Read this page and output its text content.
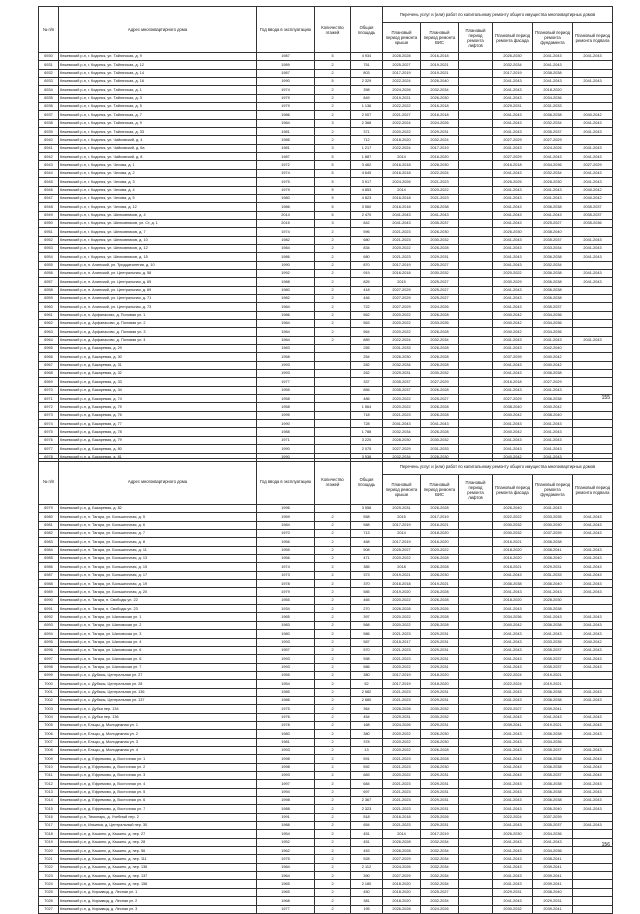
№ п/п	Адрес многоквартирного дома	Год ввода в эксплуатацию	Количество этажей	Общая площадь	Перечень услуг и (или) работ по капитальному ремонту общего имущества многоквартирных домов					
					Плановый период ремонта крыши	Плановый период ремонта ВИС	Плановый период ремонта лифтов	Плановый период ремонта фасада	Плановый период ремонта фундамента	Плановый период ремонта подвала
6930	Кежемский р-н, г. Кодинск, ул. Тайгинская, д. 9	1987	5	4 934	2028-2028	2016-2018		2026-2030	2041-2043	2041-2043
6931	Кежемский р-н, г. Кодинск, ул. Тайгинская, д. 12	1989	2	751	2025-2027	2019-2021		2032-2034	2041-2043	
6932	Кежемский р-н, г. Кодинск, ул. Тайгинская, д. 14	1987	2	803	2017-2019	2019-2021		2017-2019	2038-2038	
6933	Кежемский р-н, г. Кодинск, ул. Тайгинская, д. 16	1990	5	2 329	2022-2024	2026-2040		2041-2043	2041-2043	2041-2043
6934	Кежемский р-н, г. Кодинск, ул. Тайгинская, д. 1	1974	2	398	2024-2026	2032-2034		2041-2043	2018-2020	
6935	Кежемский р-н, г. Кодинск, ул. Тайгинская, д. 3	1979	2	849	2019-2021	2026-2030		2041-2043	2034-2036	
6936	Кежемский р-н, г. Кодинск, ул. Тайгинская, д. 5	1979	2	1 136	2022-2022	2016-2018		2029-2031	2031-2033	
6937	Кежемский р-н, г. Кодинск, ул. Тайгинская, д. 7	1986	2	2 007	2021-2027	2016-2018		2041-2043	2036-2038	2040-2042
6938	Кежемский р-н, г. Кодинск, ул. Тайгинская, д. 9	1984	3	2 368	2022-2024	2024-2026		2041-2043	2032-2034	2041-2043
6939	Кежемский р-н, г. Кодинск, ул. Тайгинская, д. 33	1981	2	371	2020-2022	2029-2031		2041-2043	2035-2037	2041-2043
6940	Кежемский р-н, г. Кодинск, ул. Чайковский, д. 4	1986	2	712	2018-2020	2032-2024		2027-2029	2027-2029	
6941	Кежемский р-н, г. Кодинск, ул. Чайковский, д. 6a	1981	3	1 217	2022-2024	2017-2019		2041-2043	2024-2026	2041-2043
6942	Кежемский р-н, г. Кодинск, ул. Чайковский, д. 8	1987	5	1 887	2014	2016-2020		2027-2029	2041-2043	2041-2043
6943	Кежемский р-н, г. Кодинск, ул. Чехова, д. 1	1972	5	3 462	2016-2018	2028-2030		2016-2018	2034-2036	2027-2029
6944	Кежемский р-н, г. Кодинск, ул. Чехова, д. 2	1974	5	4 649	2016-2018	2022-2024		2041-2043	2032-2034	2041-2043
6945	Кежемский р-н, г. Кодинск, ул. Чехова, д. 3	1975	5	3 517	2024-2026	2021-2023		2026-2025	2028-2030	2041-2043
6946	Кежемский р-н, г. Кодинск, ул. Чехова, д. 4	1979	5	4 853	2014	2020-2022		2041-2043	2041-2043	2040-2042
6947	Кежемский р-н, г. Кодинск, ул. Чехова, д. 5	1980	5	4 823	2016-2018	2021-2023		2041-2043	2041-2043	2040-2042
6948	Кежемский р-н, г. Кодинск, ул. Чехова, д. 12	1986	5	3 560	2016-2018	2028-2038		2041-2043	2036-2038	2035-2037
6949	Кежемский р-н, г. Кодинск, ул. Шелковников, д. 4	2014	5	2 470	2041-2043	2041-2043		2041-2043	2041-2043	2035-2037
6950	Кежемский р-н, г. Кодинск, ул. Шелковников, ул. Ст, д. 1	2015	3	842	2041-2043	2035-2037		2041-2043	2025-2027	2035-2036
6951	Кежемский р-н, г. Кодинск, ул. Шелковников, д. 7	1974	2	596	2021-2023	2026-2030		2026-2030	2038-2040	
6952	Кежемский р-н, г. Кодинск, ул. Шелковников, д. 10	1982	2	680	2021-2023	2030-2032		2041-2043	2035-2037	2041-2043
6953	Кежемский р-н, г. Кодинск, ул. Шелковников, д. 12	1984	2	834	2020-2022	2026-2028		2041-2043	2033-2034	2041-2043
6954	Кежемский р-н, г. Кодинск, ул. Шелковников, д. 15	1986	2	680	2021-2023	2029-2031		2041-2043	2036-2038	2041-2043
6955	Кежемский р-н, п. Алинский, ул. Тридцатилетия, д. 10	1990	2	870	2017-2019	2025-2027		2041-2043	2032-2034	
6956	Кежемский р-н, п. Алинский, ул. Центральная, д. 58	1992	2	919	2016-2018	2030-2032		2020-2022	2036-2038	2041-2043
6957	Кежемский р-н, п. Алинский, ул. Центральная, д. 65	1988	2	825	2015	2025-2027		2030-2029	2036-2038	2041-2043
6958	Кежемский р-н, п. Алинский, ул. Центральная, д. 69	1980	2	418	2027-2029	2025-2027		2041-2043	2036-2038	
6959	Кежемский р-н, п. Алинский, ул. Центральная, д. 71	1982	2	446	2027-2029	2025-2027		2041-2043	2036-2038	
6960	Кежемский р-н, п. Алинский, ул. Центральная, д. 73	1984	2	722	2027-2029	2024-2026		2041-2043	2035-2037	
6961	Кежемский р-н, п. Арфанасово, д. Половая ул. 1	1986	2	562	2020-2022	2026-2028		2040-2042	2034-2036	
6962	Кежемский р-н, д. Арфанасово, д. Половая ул. 2	1984	2	563	2020-2022	2033-2035		2040-2042	2034-2036	
6963	Кежемский р-н, д. Арфанасово, д. Половая ул. 3	1984	2	564	2020-2022	2026-2028		2040-2042	2034-2036	
6964	Кежемский р-н, д. Арфанасово, д. Половая ул. 4	1984	2	889	2022-2024	2032-2034		2041-2043	2041-2043	2041-2043
6965	Кежемский р-н, д. Бакаревая, д. 29	1983		255	2031-2033	2026-2028		2041-2043	2042-2040	
6966	Кежемский р-н, д. Бакаревая, д. 30	1958		254	2026-2030	2026-2028		2037-2039	2040-2042	
6967	Кежемский р-н, д. Бакаревая, д. 31	1993		282	2032-2034	2026-2028		2041-2043	2040-2042	
6968	Кежемский р-н, д. Бакаревая, д. 32	1993		262	2029-2031	2030-2032		2041-2043	2036-2038	
6969	Кежемский р-н, д. Бакаревая, д. 33	1977		337	2035-2037	2027-2029		2016-2018	2027-2029	
6970	Кежемский р-н, д. Бакаревая, д. 34	1955		856	2035-2037	2026-2028		2041-2043	2041-2043	
6971	Кежемский р-н, д. Бакаревая, д. 74	1958		486	2020-2022	2025-2027		2027-2029	2036-2038	
6972	Кежемский р-н, д. Бакаревая, д. 75	1958		1 564	2020-2022	2026-2028		2038-2040	2040-2042	
6973	Кежемский р-н, д. Бакаревая, д. 76	1995		718	2021-2023	2026-2028		2040-2042	2038-2040	
6974	Кежемский р-н, д. Бакаревая, д. 77	1990		728	2041-2043	2041-2043		2041-2043	2041-2043	
6975	Кежемский р-н, д. Бакаревая, д. 78	1988		1 788	2032-2034	2026-2028		2040-2042	2041-2043	
6976	Кежемский р-н, д. Бакаревая, д. 79	1971		3 220	2028-2030	2030-2032		2041-2043	2041-2043	
6977	Кежемский р-н, д. Бакаревая, д. 80	1990		2 075	2027-2029	2031-2033		2041-2043	2041-2043	
6978	Кежемский р-н, д. Бакаревая, д. 81	1990		3 538	2032-2034	2028-2030		2040-2042	2041-2043	
155
№ п/п	Адрес многоквартирного дома	Год ввода в эксплуатацию	Количество этажей	Общая площадь	Перечень услуг и (или) работ по капитальному ремонту общего имущества многоквартирных домов					
					Плановый период ремонта крыши	Плановый период ремонта ВИС	Плановый период ремонта лифтов	Плановый период ремонта фасада	Плановый период ремонта фундамента	Плановый период ремонта подвала
6979	Кежемский р-н, д. Бакаревая, д. 82	1996		3 558	2029-2031	2026-2028		2026-2040	2041-2043	
6980	Кежемский р-н, п. Тагара, ул. Большеочная, д. 5	1959	2	558	2015	2017-2019		2022-2022	2033-2035	2041-2043
6981	Кежемский р-н, п. Тагара, ул. Большеочная, д. 6	1984	2	588	2017-2019	2016-2021		2030-2032	2030-2030	2041-2043
6982	Кежемский р-н, п. Тагара, ул. Большеочная, д. 7	1970	2	713	2014	2018-2020		2030-2032	2037-2039	2041-2043
6983	Кежемский р-н, п. Тагара, ул. Большеочная, д. 8	1956	2	468	2017-2019	2016-2020		2016-2021	2036-2038	
6984	Кежемский р-н, п. Тагара, ул. Большеочная, д. 11	1955	2	508	2025-2027	2020-2022		2018-2020	2036-2041	2041-2043
6985	Кежемский р-н, п. Тагара, ул. Большеочная, д. 13	1956	2	471	2020-2022	2026-2028		2016-2020	2036-2040	2041-2043
6986	Кежемский р-н, п. Тагара, ул. Большеочная, д. 15	1974	2	385	2018	2026-2028		2018-2021	2029-2031	2041-2043
6987	Кежемский р-н, п. Тагара, ул. Большеочная, д. 17	1973	2	373	2019-2021	2028-2030		2041-2043	2031-2033	2041-2043
6988	Кежемский р-н, п. Тагара, ул. Большеочная, д. 19	1978	2	370	2016-2018	2019-2021		2036-2038	2036-2040	2041-2043
6989	Кежемский р-н, п. Тагара, ул. Большеочная, д. 20	1979	2	585	2019-2020	2026-2028		2041-2043	2041-2043	2041-2043
6990	Кежемский р-н, п. Тагара, п. Свободы ул. 22	1955	2	465	2020-2022	2026-2028		2018-2020	2028-2030	
6991	Кежемский р-н, п. Тагара, п. Свободы ул. 23	1934	2	270	2026-2028	2025-2026		2041-2043	2035-2038	
6992	Кежемский р-н, п. Тагара, ул. Шиловская ул. 1	1965	2	397	2020-2022	2026-2028		2034-2036	2041-2043	2041-2043
6993	Кежемский р-н, п. Тагара, ул. Шиловская ул. 2	1983	2	568	2020-2022	2026-2028		2040-2042	2036-2038	2041-2043
6994	Кежемский р-н, п. Тагара, ул. Шиловская ул. 3	1980	2	586	2021-2023	2029-2031		2041-2043	2041-2043	2041-2043
6995	Кежемский р-н, п. Тагара, ул. Шиловская ул. 4	1993	2	587	2015-2017	2029-2031		2041-2043	2033-2035	2040-2042
6996	Кежемский р-н, п. Тагара, ул. Шиловская ул. 6	1957	2	570	2021-2023	2029-2031		2041-2043	2035-2037	2041-2043
6997	Кежемский р-н, п. Тагара, ул. Шиловская ул. 6	1993	2	598	2021-2023	2029-2031		2041-2043	2035-2037	2041-2043
6998	Кежемский р-н, п. Тагара, ул. Шиловская ул. 7	1993	2	586	2020-2022	2029-2031		2041-2043	2035-2037	2041-2043
6999	Кежемский р-н, с. Дубасы, Центральная ул. 27	1955	2	380	2017-2019	2018-2020		2022-2024	2019-2021	
7000	Кежемский р-н, с. Дубасы, Центральная ул. 28	1954	2	52	2017-2019	2018-2020		2022-2024	2019-2021	
7001	Кежемский р-н, с. Дубасы, Центральная ул. 136	1985	2	2 582	2021-2023	2029-2031		2041-2043	2036-2038	2041-2043
7002	Кежемский р-н, с. Дубасы, Центральная ул. 137	1986	2	2 680	2021-2023	2029-2031		2041-2043	2036-2038	2041-2043
7003	Кежемский р-н, с. Дубья пер. 134	1975	2	364	2026-2028	2030-2032		2020-2027	2039-2041	
7004	Кежемский р-н, с. Дубья пер. 136	1976	2	454	2029-2031	2030-2032		2041-2043	2041-2043	2041-2043
7005	Кежемский р-н, Ельцы, д. Молодежная ул. 1	1978	2	168	2024-2026	2029-2031		2039-2041	2019-2021	2041-2043
7006	Кежемский р-н, Ельцы, д. Молодежная ул. 2	1980	2	380	2020-2022	2026-2030		2041-2043	2036-2038	2041-2043
7007	Кежемский р-н, Ельцы, д. Молодежная ул. 3	1981	2	378	2020-2022	2028-2030		2041-2043	2034-2036	
7008	Кежемский р-н, Ельцы, д. Молодежная ул. 4	1993	2	13	2020-2022	2026-2028		2041-2043	2035-2037	2041-2043
7009	Кежемский р-н, д. Ефремово, д. Восточная ул. 1	1998	2	591	2021-2023	2026-2028		2041-2043	2036-2038	2041-2043
7010	Кежемский р-н, д. Ефремово, д. Восточная ул. 2	1998	2	592	2021-2023	2028-2030		2041-2043	2036-2038	2041-2043
7011	Кежемский р-н, д. Ефремово, д. Восточная ул. 3	1993	2	683	2020-2022	2029-2031		2041-2043	2035-2037	2041-2043
7012	Кежемский р-н, д. Ефремово, д. Восточная ул. 4	1997	2	684	2021-2023	2029-2031		2041-2043	2036-2038	2041-2043
7013	Кежемский р-н, д. Ефремово, д. Восточная ул. 5	1994	2	697	2021-2023	2029-2031		2041-2043	2036-2038	2041-2043
7014	Кежемский р-н, д. Ефремово, д. Восточная ул. 6	1998	2	2 367	2021-2023	2029-2031		2041-2043	2036-2038	2041-2043
7015	Кежемский р-н, д. Ефремово, д. Восточная ул. 7	1988	2	2 323	2021-2023	2029-2031		2041-2043	2036-2040	2041-2043
7016	Кежемский р-н, Тимонарь, д. Учебный пер. 2	1991	2	518	2016-2018	2025-2026		2022-2024	2037-2039	
7017	Кежемский р-н, Ильинка, д. Центральный пер. 30	1988	2	654	2021-2023	2029-2031		2041-2043	2035-2037	2041-2043
7018	Кежемский р-н, д. Кашино, д. Кашино, д. пер. 27	1954	2	451	2014	2017-2019		2026-2030	2034-2036	
7019	Кежемский р-н, д. Кашино, д. Кашино, д. пер. 28	1952	2	451	2026-2028	2032-2034		2041-2043	2041-2043	
7020	Кежемский р-н, д. Кашино, д. Кашино, д. пер. 56	1962	2	453	2026-2028	2032-2034		2041-2043	2034-2036	
7021	Кежемский р-н, д. Кашино, д. Кашино, д. пер. 111	1975	2	528	2027-2029	2032-2034		2041-2043	2038-2041	
7022	Кежемский р-н, д. Кашино, д. Кашино, д. пер. 136	1984	2	2 112	2024-2026	2032-2034		2041-2043	2039-2041	
7023	Кежемский р-н, д. Кашино, д. Кашино, д. пер. 137	1964	2	390	2027-2029	2032-2034		2041-2043	2039-2041	
7024	Кежемский р-н, д. Кашино, д. Кашино, д. пер. 156	1965	2	2 180	2018-2020	2032-2034		2041-2043	2039-2041	
7025	Кежемский р-н, д. Кирзавод, д. Лесная ул. 1	1965	2	450	2018-2020	2025-2027		2029-2031	2038-2040	
7026	Кежемский р-н, д. Кирзавод, д. Лесная ул. 2	1968	2	381	2018-2020	2032-2034		2041-2043	2029-2031	
7027	Кежемский р-н, д. Кирзавод, д. Лесная ул. 3	1977	2	195	2026-2028	2024-2026		2030-2032	2039-2041	
156
